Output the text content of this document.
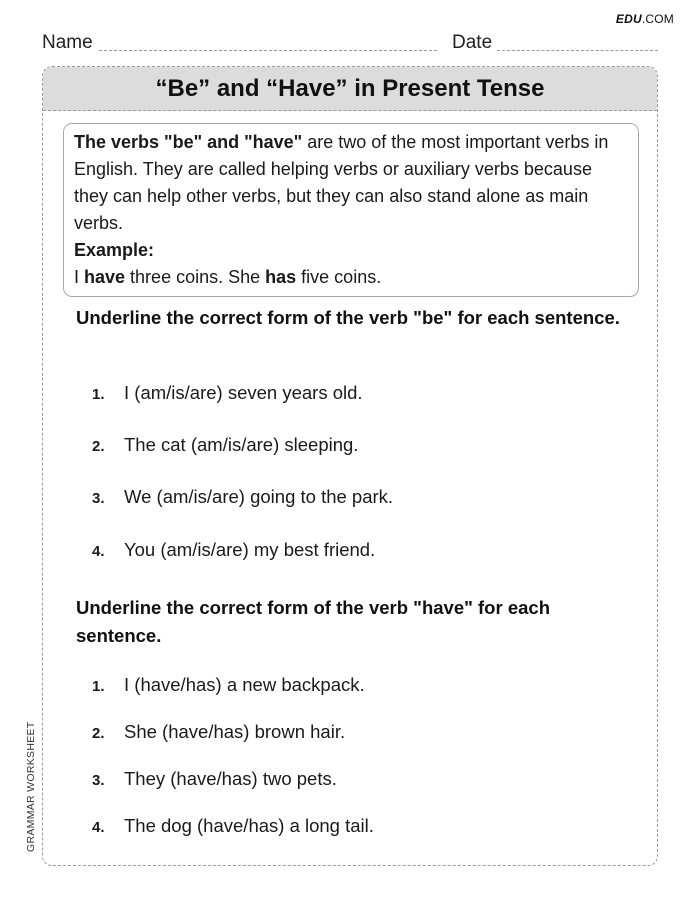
EDU.COM
Name	Date
“Be” and “Have” in Present Tense

The verbs "be" and "have" are two of the most important verbs in English. They are called helping verbs or auxiliary verbs because they can help other verbs, but they can also stand alone as main verbs.

Example:

I have three coins. She has five coins.

Underline the correct form of the verb "be" for each sentence.
1. I (am/is/are) seven years old.
2. The cat (am/is/are) sleeping.
3. We (am/is/are) going to the park.
4. You (am/is/are) my best friend.
Underline the correct form of the verb "have" for each sentence.
1. I (have/has) a new backpack.
2. She (have/has) brown hair.
3. They (have/has) two pets.
4. The dog (have/has) a long tail.
GRAMMAR WORKSHEET
